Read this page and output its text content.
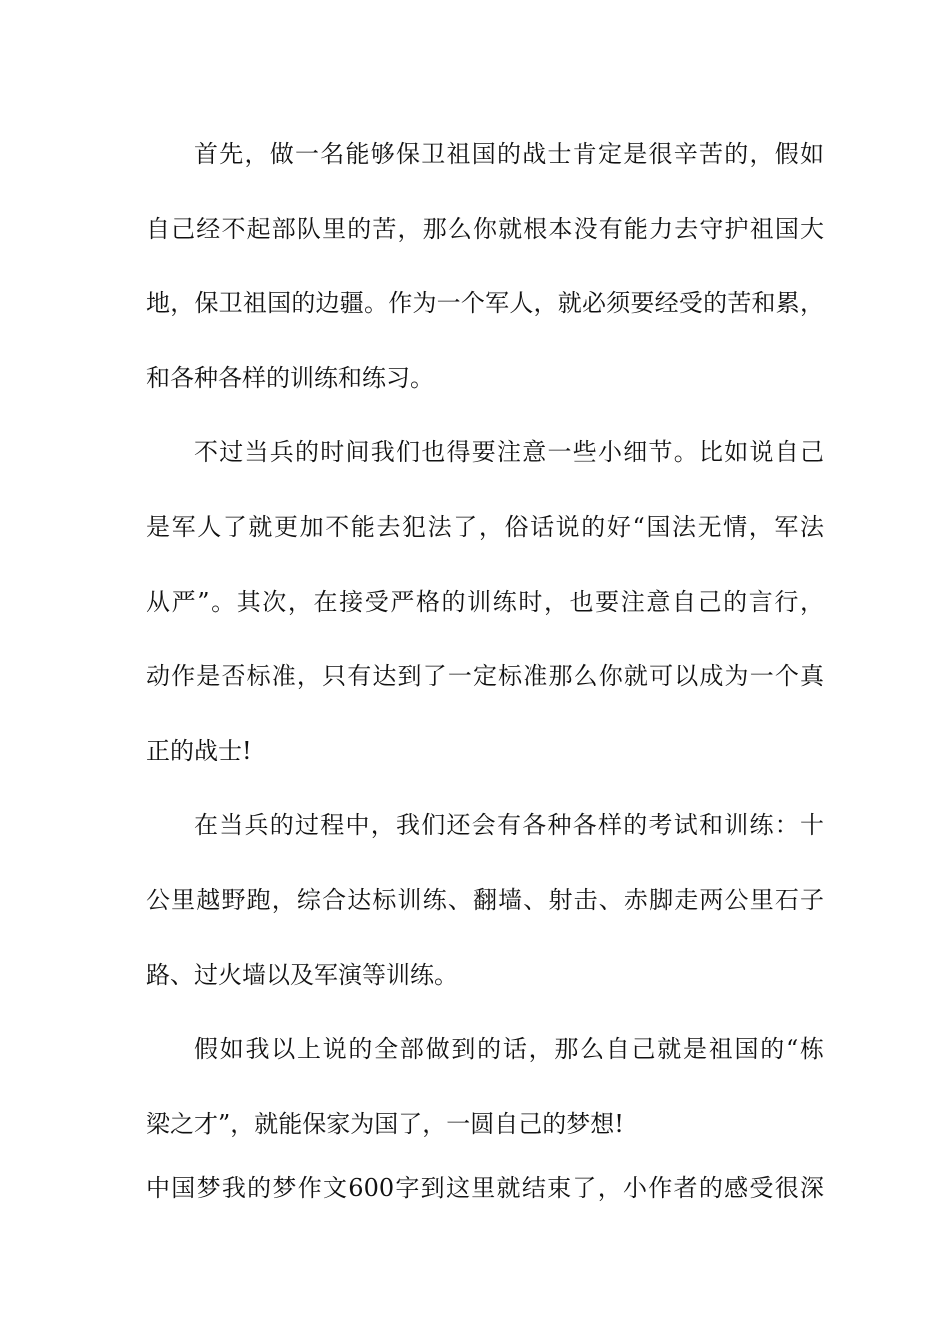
首先，做一名能够保卫祖国的战士肯定是很辛苦的，假如
自己经不起部队里的苦，那么你就根本没有能力去守护祖国大
地，保卫祖国的边疆。作为一个军人，就必须要经受的苦和累，
和各种各样的训练和练习。
不过当兵的时间我们也得要注意一些小细节。比如说自己
是军人了就更加不能去犯法了，俗话说的好“国法无情，军法
从严”。其次，在接受严格的训练时，也要注意自己的言行，
动作是否标准，只有达到了一定标准那么你就可以成为一个真
正的战士!
在当兵的过程中，我们还会有各种各样的考试和训练：十
公里越野跑，综合达标训练、翻墙、射击、赤脚走两公里石子
路、过火墙以及军演等训练。
假如我以上说的全部做到的话，那么自己就是祖国的“栋
梁之才”，就能保家为国了，一圆自己的梦想!
中国梦我的梦作文600字到这里就结束了，小作者的感受很深
